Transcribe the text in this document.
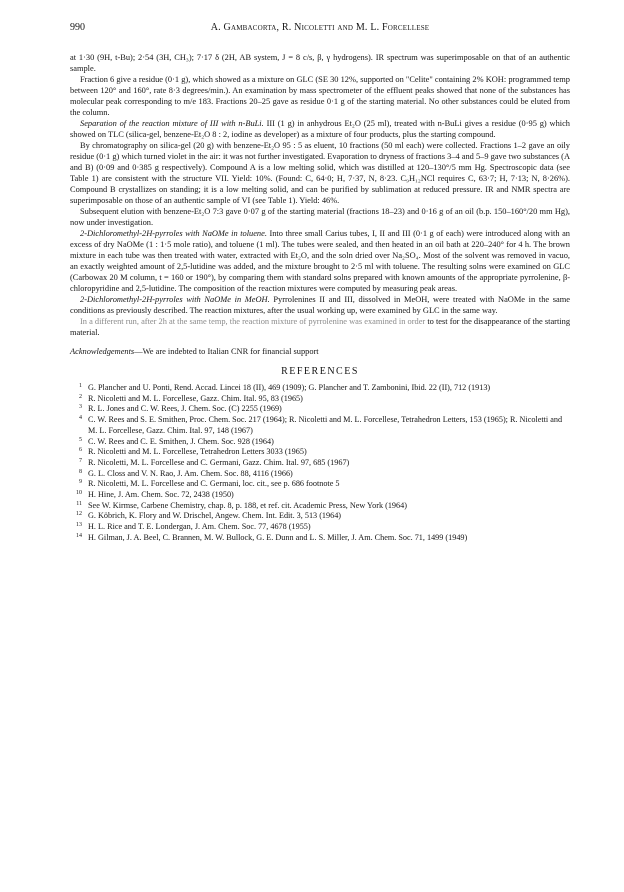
990	A. Gambacorta, R. Nicoletti and M. L. Forcellese

at 1·30 (9H, t-Bu); 2·54 (3H, CH₃); 7·17 δ (2H, AB system, J = 8 c/s, β, γ hydrogens). IR spectrum was superimposable on that of an authentic sample.

Fraction 6 give a residue (0·1 g), which showed as a mixture on GLC (SE 30 12%, supported on "Celite" containing 2% KOH: programmed temp between 120° and 160°, rate 8·3 degrees/min.). An examination by mass spectrometer of the effluent peaks showed that none of the substances has molecular peak corresponding to m/e 183. Fractions 20–25 gave as residue 0·1 g of the starting material. No other substances could be eluted from the column.

Separation of the reaction mixture of III with n-BuLi. III (1 g) in anhydrous Et₂O (25 ml), treated with n-BuLi gives a residue (0·95 g) which showed on TLC (silica-gel, benzene-Et₂O 8 : 2, iodine as developer) as a mixture of four products, plus the starting compound.

By chromatography on silica-gel (20 g) with benzene-Et₂O 95 : 5 as eluent, 10 fractions (50 ml each) were collected. Fractions 1–2 gave an oily residue (0·1 g) which turned violet in the air: it was not further investigated. Evaporation to dryness of fractions 3–4 and 5–9 gave two substances (A and B) (0·09 and 0·385 g respectively). Compound A is a low melting solid, which was distilled at 120–130°/5 mm Hg. Spectroscopic data (see Table 1) are consistent with the structure VII. Yield: 10%. (Found: C, 64·0; H, 7·37, N, 8·23. C₉H₁₂NCl requires C, 63·7; H, 7·13; N, 8·26%). Compound B crystallizes on standing; it is a low melting solid, and can be purified by sublimation at reduced pressure. IR and NMR spectra are superimposable on those of an authentic sample of VI (see Table 1). Yield: 46%.

Subsequent elution with benzene-Et₂O 7:3 gave 0·07 g of the starting material (fractions 18–23) and 0·16 g of an oil (b.p. 150–160°/20 mm Hg), now under investigation.

2-Dichloromethyl-2H-pyrroles with NaOMe in toluene. Into three small Carius tubes, I, II and III (0·1 g of each) were introduced along with an excess of dry NaOMe (1 : 1·5 mole ratio), and toluene (1 ml). The tubes were sealed, and then heated in an oil bath at 220–240° for 4 h. The brown mixture in each tube was then treated with water, extracted with Et₂O, and the soln dried over Na₂SO₄. Most of the solvent was removed in vacuo, an exactly weighted amount of 2,5-lutidine was added, and the mixture brought to 2·5 ml with toluene. The resulting solns were examined on GLC (Carbowax 20 M column, t = 160 or 190°), by comparing them with standard solns prepared with known amounts of the appropriate pyrrolenine, β-chloropyridine and 2,5-lutidine. The composition of the reaction mixtures were computed by measuring peak areas.

2-Dichloromethyl-2H-pyrroles with NaOMe in MeOH. Pyrrolenines II and III, dissolved in MeOH, were treated with NaOMe in the same conditions as previously described. The reaction mixtures, after the usual working up, were examined by GLC in the same way.

In a different run, after 2h at the same temp, the reaction mixture of pyrrolenine was examined in order to test for the disappearance of the starting material.

Acknowledgements—We are indebted to Italian CNR for financial support

REFERENCES
1 G. Plancher and U. Ponti, Rend. Accad. Lincei 18 (II), 469 (1909); G. Plancher and T. Zambonini, Ibid. 22 (II), 712 (1913)
2 R. Nicoletti and M. L. Forcellese, Gazz. Chim. Ital. 95, 83 (1965)
3 R. L. Jones and C. W. Rees, J. Chem. Soc. (C) 2255 (1969)
4 C. W. Rees and S. E. Smithen, Proc. Chem. Soc. 217 (1964); R. Nicoletti and M. L. Forcellese, Tetrahedron Letters, 153 (1965); R. Nicoletti and M. L. Forcellese, Gazz. Chim. Ital. 97, 148 (1967)
5 C. W. Rees and C. E. Smithen, J. Chem. Soc. 928 (1964)
6 R. Nicoletti and M. L. Forcellese, Tetrahedron Letters 3033 (1965)
7 R. Nicoletti, M. L. Forcellese and C. Germani, Gazz. Chim. Ital. 97, 685 (1967)
8 G. L. Closs and V. N. Rao, J. Am. Chem. Soc. 88, 4116 (1966)
9 R. Nicoletti, M. L. Forcellese and C. Germani, loc. cit., see p. 686 footnote 5
10 H. Hine, J. Am. Chem. Soc. 72, 2438 (1950)
11 See W. Kirmse, Carbene Chemistry, chap. 8, p. 188, et ref. cit. Academic Press, New York (1964)
12 G. Köbrich, K. Flory and W. Drischel, Angew. Chem. Int. Edit. 3, 513 (1964)
13 H. L. Rice and T. E. Londergan, J. Am. Chem. Soc. 77, 4678 (1955)
14 H. Gilman, J. A. Beel, C. Brannen, M. W. Bullock, G. E. Dunn and L. S. Miller, J. Am. Chem. Soc. 71, 1499 (1949)
